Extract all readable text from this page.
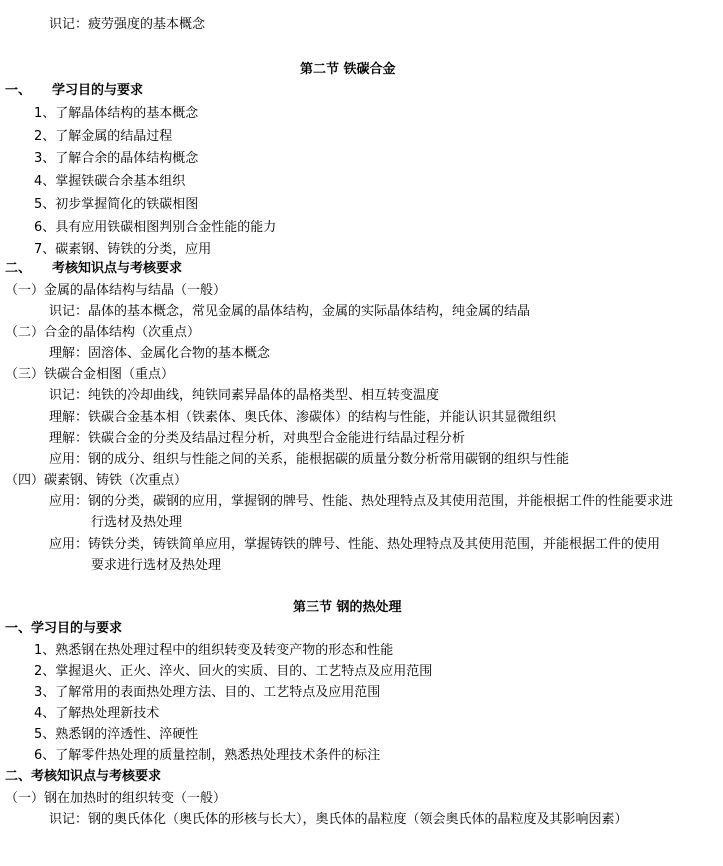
识记：疲劳强度的基本概念
第二节 铁碳合金
一、 学习目的与要求
1、了解晶体结构的基本概念
2、了解金属的结晶过程
3、了解合余的晶体结构概念
4、掌握铁碳合余基本组织
5、初步掌握简化的铁碳相图
6、具有应用铁碳相图判别合金性能的能力
7、碳素钢、铸铁的分类，应用
二、 考核知识点与考核要求
（一）金属的晶体结构与结晶（一般）
识记：晶体的基本概念，常见金属的晶体结构，金属的实际晶体结构，纯金属的结晶
（二）合金的晶体结构（次重点）
理解：固溶体、金属化合物的基本概念
（三）铁碳合金相图（重点）
识记：纯铁的冷却曲线，纯铁同素异晶体的晶格类型、相互转变温度
理解：铁碳合金基本相（铁素体、奥氏体、渗碳体）的结构与性能，并能认识其显微组织
理解：铁碳合金的分类及结晶过程分析，对典型合金能进行结晶过程分析
应用：钢的成分、组织与性能之间的关系，能根据碳的质量分数分析常用碳钢的组织与性能
（四）碳素钢、铸铁（次重点）
应用：钢的分类，碳钢的应用，掌握钢的牌号、性能、热处理特点及其使用范围，并能根据工件的性能要求进
行选材及热处理
应用：铸铁分类，铸铁简单应用，掌握铸铁的牌号、性能、热处理特点及其使用范围，并能根据工件的使用
要求进行选材及热处理
第三节 钢的热处理
一、学习目的与要求
1、熟悉钢在热处理过程中的组织转变及转变产物的形态和性能
2、掌握退火、正火、淬火、回火的实质、目的、工艺特点及应用范围
3、了解常用的表面热处理方法、目的、工艺特点及应用范围
4、了解热处理新技术
5、熟悉钢的淬透性、淬硬性
6、了解零件热处理的质量控制，熟悉热处理技术条件的标注
二、考核知识点与考核要求
（一）钢在加热时的组织转变（一般）
识记：钢的奥氏体化（奥氏体的形核与长大），奥氏体的晶粒度（领会奥氏体的晶粒度及其影响因素）
